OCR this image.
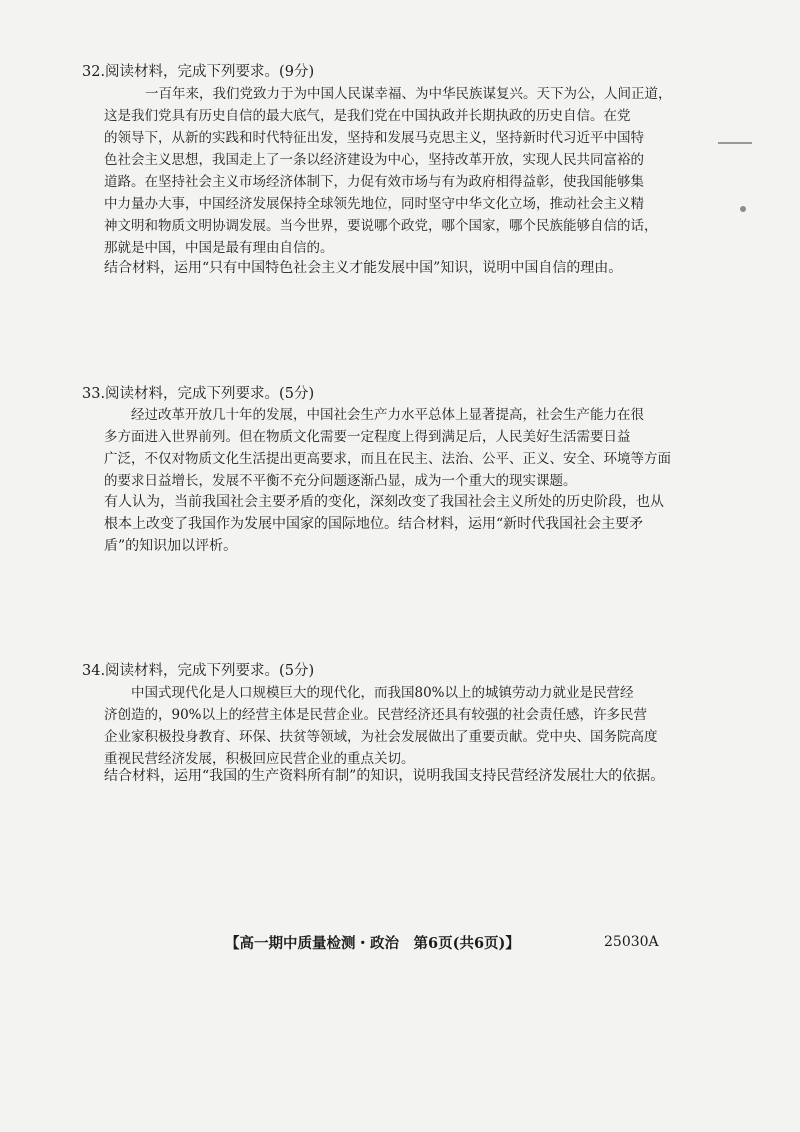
32.阅读材料，完成下列要求。(9分)
一百年来，我们党致力于为中国人民谋幸福、为中华民族谋复兴。天下为公，人间正道，
这是我们党具有历史自信的最大底气，是我们党在中国执政并长期执政的历史自信。在党
的领导下，从新的实践和时代特征出发，坚持和发展马克思主义，坚持新时代习近平中国特
色社会主义思想，我国走上了一条以经济建设为中心，坚持改革开放，实现人民共同富裕的
道路。在坚持社会主义市场经济体制下，力促有效市场与有为政府相得益彰，使我国能够集
中力量办大事，中国经济发展保持全球领先地位，同时坚守中华文化立场，推动社会主义精
神文明和物质文明协调发展。当今世界，要说哪个政党，哪个国家，哪个民族能够自信的话，
那就是中国，中国是最有理由自信的。
结合材料，运用“只有中国特色社会主义才能发展中国”知识，说明中国自信的理由。
33.阅读材料，完成下列要求。(5分)
经过改革开放几十年的发展，中国社会生产力水平总体上显著提高，社会生产能力在很
多方面进入世界前列。但在物质文化需要一定程度上得到满足后，人民美好生活需要日益
广泛，不仅对物质文化生活提出更高要求，而且在民主、法治、公平、正义、安全、环境等方面
的要求日益增长，发展不平衡不充分问题逐渐凸显，成为一个重大的现实课题。
有人认为，当前我国社会主要矛盾的变化，深刻改变了我国社会主义所处的历史阶段，也从
根本上改变了我国作为发展中国家的国际地位。结合材料，运用“新时代我国社会主要矛
盾”的知识加以评析。
34.阅读材料，完成下列要求。(5分)
中国式现代化是人口规模巨大的现代化，而我国80%以上的城镇劳动力就业是民营经
济创造的，90%以上的经营主体是民营企业。民营经济还具有较强的社会责任感，许多民营
企业家积极投身教育、环保、扶贫等领域，为社会发展做出了重要贡献。党中央、国务院高度
重视民营经济发展，积极回应民营企业的重点关切。
结合材料，运用“我国的生产资料所有制”的知识，说明我国支持民营经济发展壮大的依据。
【高一期中质量检测・政治　第6页(共6页)】	25030A
